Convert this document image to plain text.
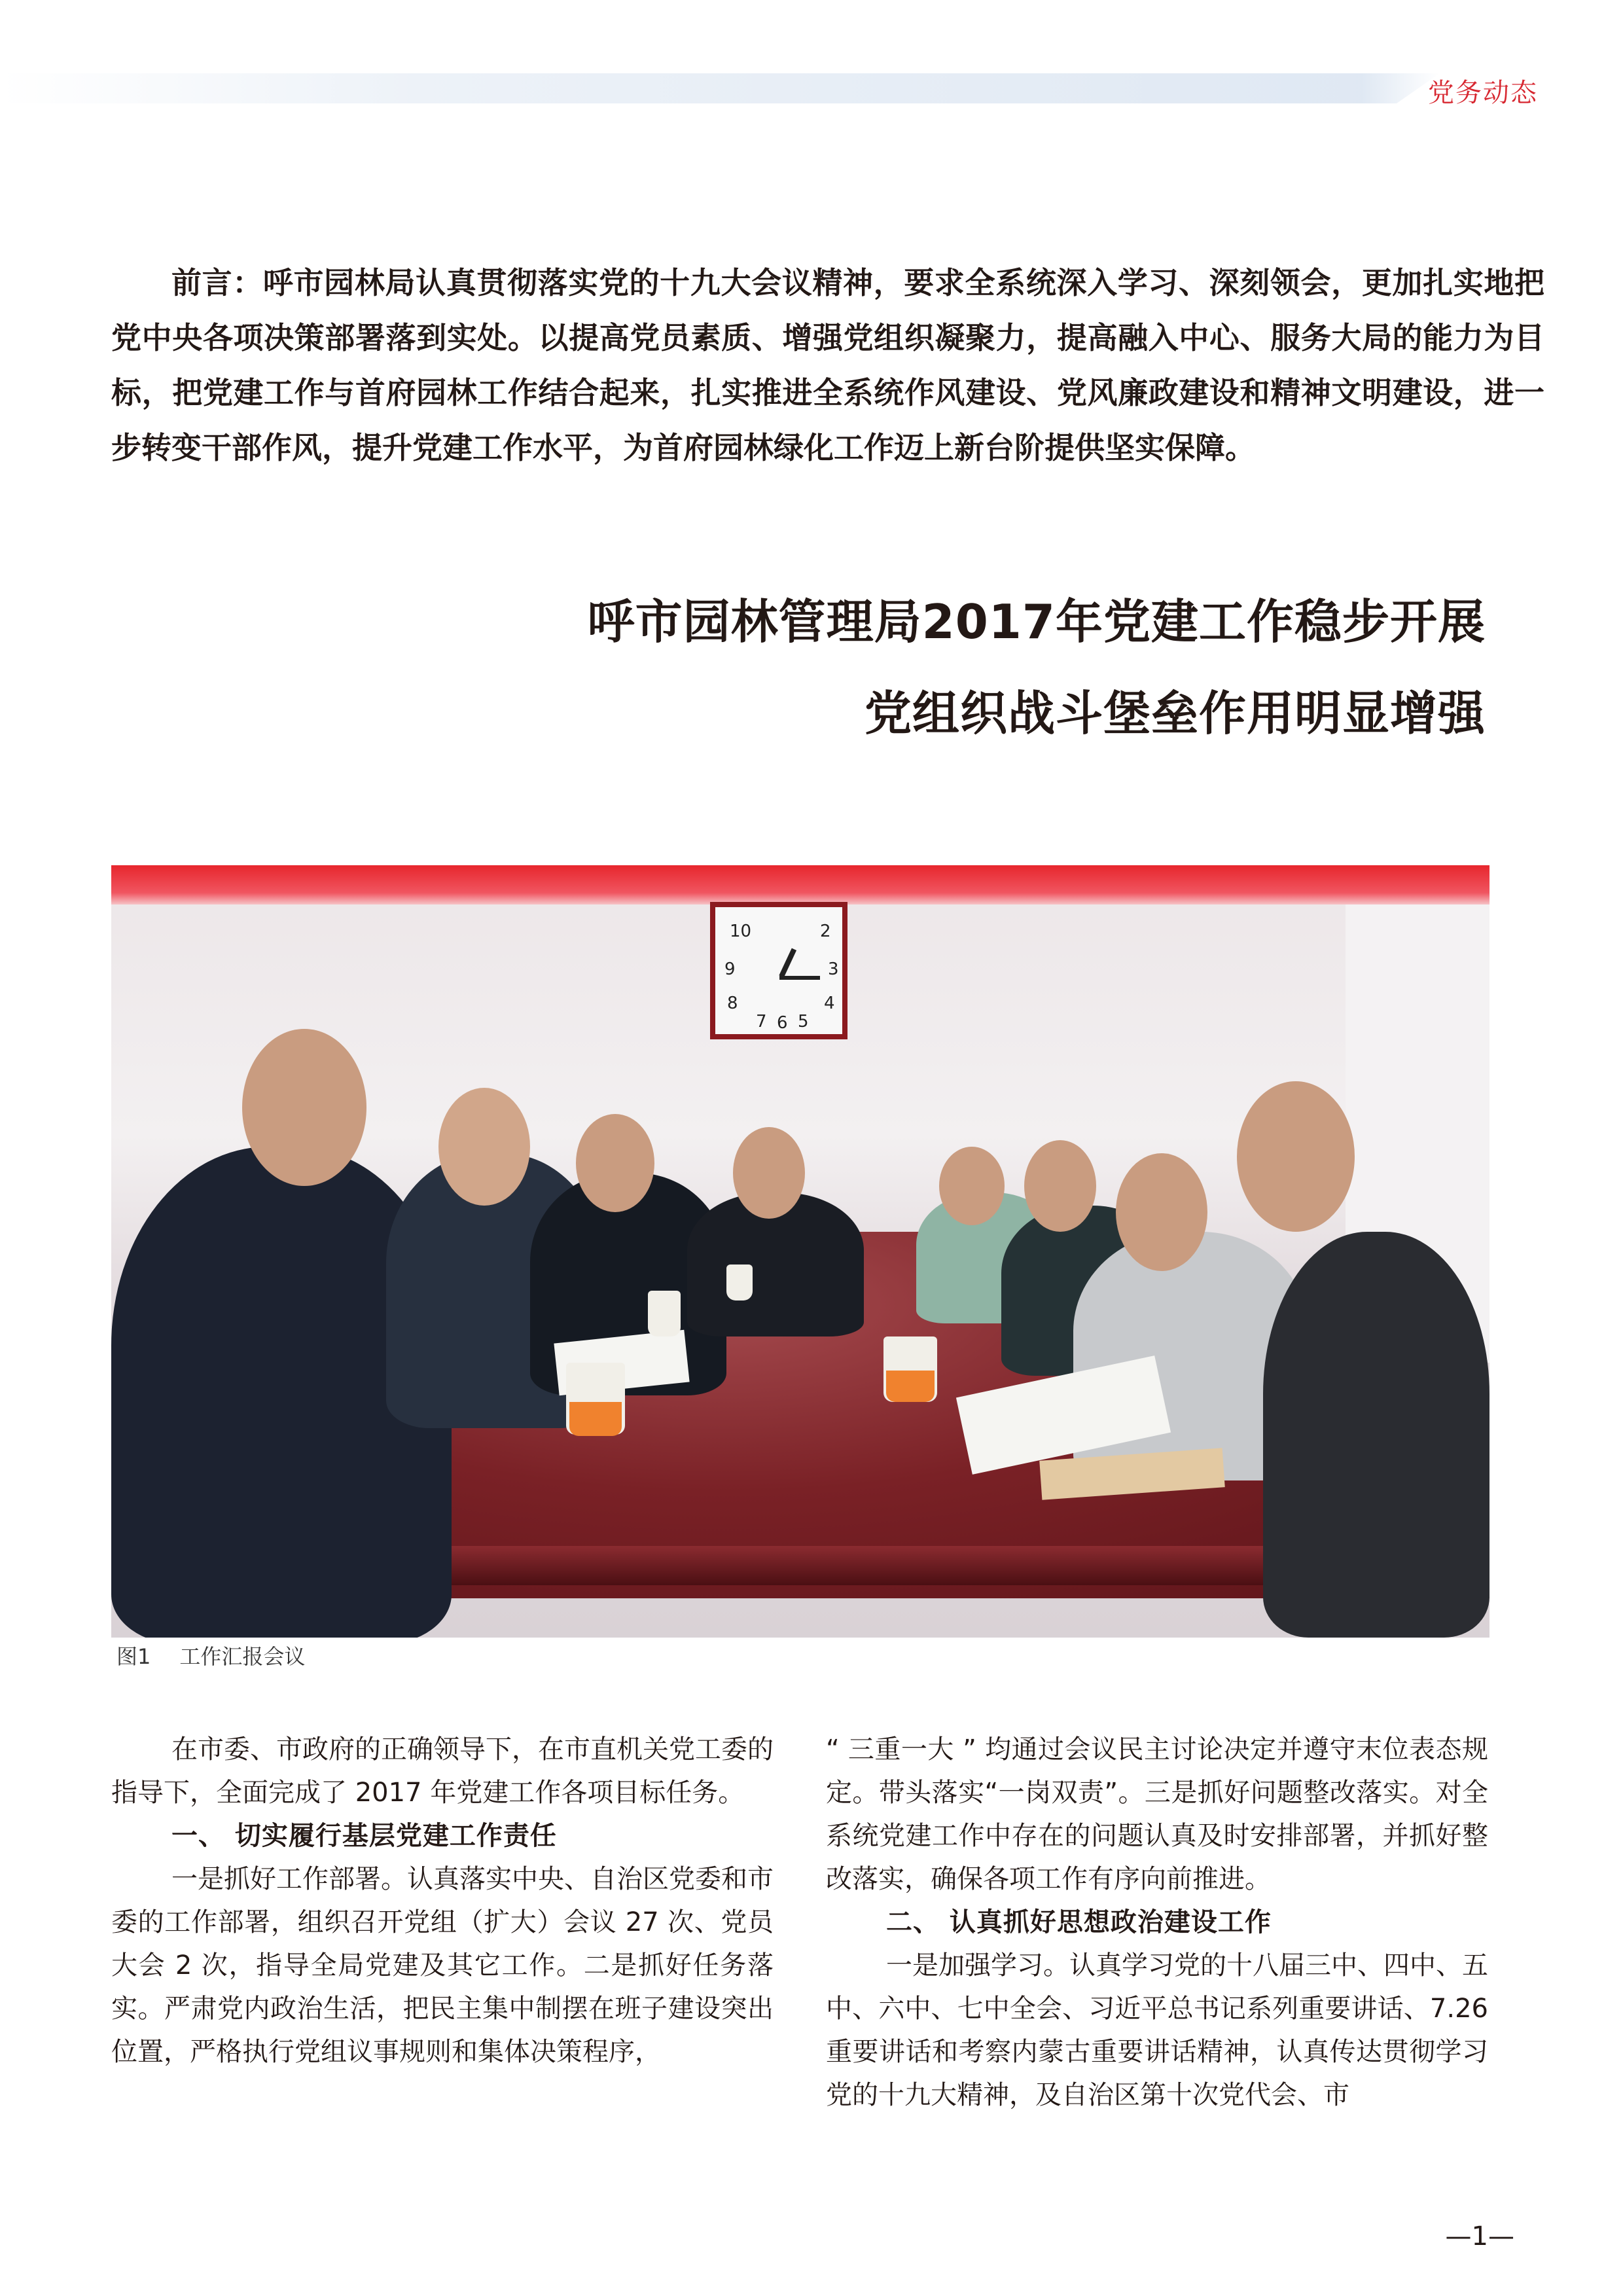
党务动态

前言：呼市园林局认真贯彻落实党的十九大会议精神，要求全系统深入学习、深刻领会，更加扎实地把党中央各项决策部署落到实处。以提高党员素质、增强党组织凝聚力，提高融入中心、服务大局的能力为目标，把党建工作与首府园林工作结合起来，扎实推进全系统作风建设、党风廉政建设和精神文明建设，进一步转变干部作风，提升党建工作水平，为首府园林绿化工作迈上新台阶提供坚实保障。

呼市园林管理局2017年党建工作稳步开展
党组织战斗堡垒作用明显增强
10	2
9	3
8	4
7 6 5
图1 工作汇报会议

在市委、市政府的正确领导下，在市直机关党工委的指导下，全面完成了 2017 年党建工作各项目标任务。

一、 切实履行基层党建工作责任

一是抓好工作部署。认真落实中央、自治区党委和市委的工作部署，组织召开党组（扩大）会议 27 次、党员大会 2 次，指导全局党建及其它工作。二是抓好任务落实。严肃党内政治生活，把民主集中制摆在班子建设突出位置，严格执行党组议事规则和集体决策程序，

“ 三重一大 ” 均通过会议民主讨论决定并遵守末位表态规定。带头落实“一岗双责”。三是抓好问题整改落实。对全系统党建工作中存在的问题认真及时安排部署，并抓好整改落实，确保各项工作有序向前推进。

二、 认真抓好思想政治建设工作

一是加强学习。认真学习党的十八届三中、四中、五中、六中、七中全会、习近平总书记系列重要讲话、7.26 重要讲话和考察内蒙古重要讲话精神，认真传达贯彻学习党的十九大精神，及自治区第十次党代会、市

—1—
